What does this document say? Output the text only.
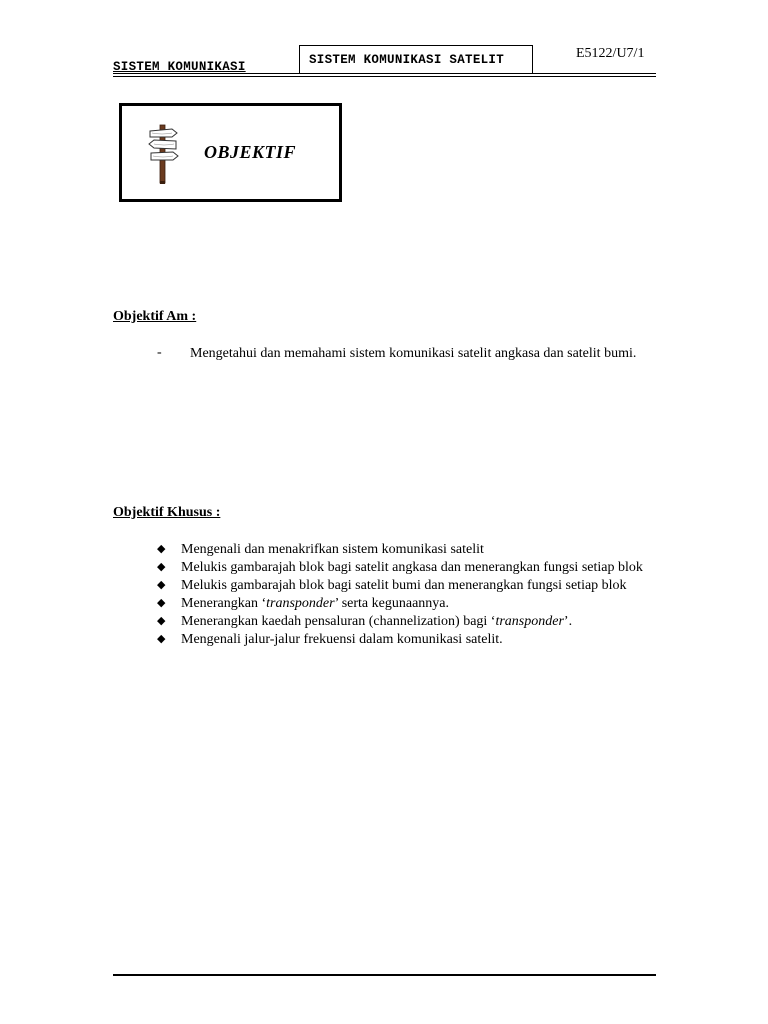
SISTEM KOMUNIKASI	SISTEM KOMUNIKASI SATELIT	E5122/U7/1
OBJEKTIF
Objektif Am :
- Mengetahui dan memahami sistem komunikasi satelit angkasa dan satelit bumi.
Objektif Khusus :
◆ Mengenali dan menakrifkan sistem komunikasi satelit
◆ Melukis gambarajah blok bagi satelit angkasa dan menerangkan fungsi setiap blok
◆ Melukis gambarajah blok bagi satelit bumi dan menerangkan fungsi setiap blok
◆ Menerangkan ‘transponder’ serta kegunaannya.
◆ Menerangkan kaedah pensaluran (channelization) bagi ‘transponder’.
◆ Mengenali jalur-jalur frekuensi dalam komunikasi satelit.
